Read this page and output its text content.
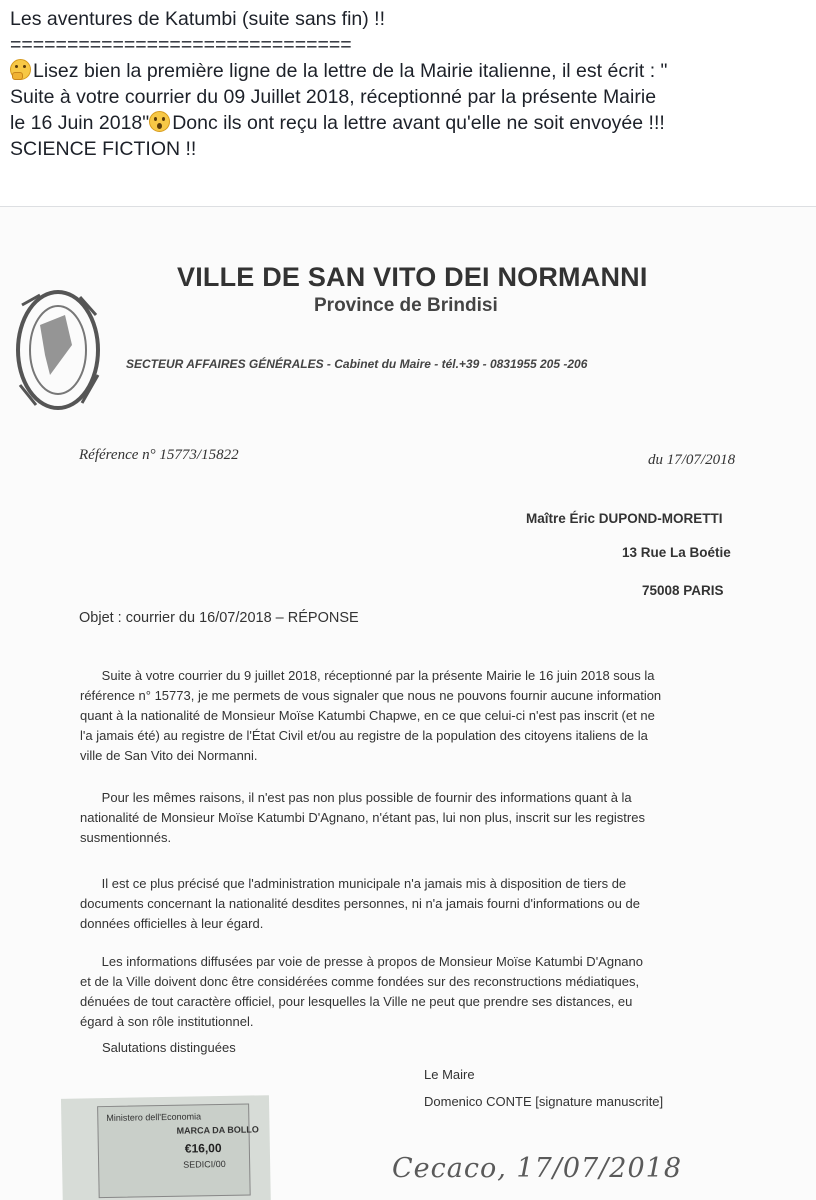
Les aventures de Katumbi (suite sans fin) !!

==============================

Lisez bien la première ligne de la lettre de la Mairie italienne, il est écrit : "

Suite à votre courrier du 09 Juillet 2018, réceptionné par la présente Mairie

le 16 Juin 2018" Donc ils ont reçu la lettre avant qu'elle ne soit envoyée !!!

SCIENCE FICTION !!

VILLE DE SAN VITO DEI NORMANNI
Province de Brindisi
SECTEUR AFFAIRES GÉNÉRALES - Cabinet du Maire - tél.+39 - 0831955 205 -206
Référence n° 15773/15822	du 17/07/2018
Maître Éric DUPOND-MORETTI
13 Rue La Boétie
75008 PARIS
Objet : courrier du 16/07/2018 – RÉPONSE
Suite à votre courrier du 9 juillet 2018, réceptionné par la présente Mairie le 16 juin 2018 sous la
référence n° 15773, je me permets de vous signaler que nous ne pouvons fournir aucune information
quant à la nationalité de Monsieur Moïse Katumbi Chapwe, en ce que celui-ci n'est pas inscrit (et ne
l'a jamais été) au registre de l'État Civil et/ou au registre de la population des citoyens italiens de la
ville de San Vito dei Normanni.
Pour les mêmes raisons, il n'est pas non plus possible de fournir des informations quant à la
nationalité de Monsieur Moïse Katumbi D'Agnano, n'étant pas, lui non plus, inscrit sur les registres
susmentionnés.
Il est ce plus précisé que l'administration municipale n'a jamais mis à disposition de tiers de
documents concernant la nationalité desdites personnes, ni n'a jamais fourni d'informations ou de
données officielles à leur égard.
Les informations diffusées par voie de presse à propos de Monsieur Moïse Katumbi D'Agnano
et de la Ville doivent donc être considérées comme fondées sur des reconstructions médiatiques,
dénuées de tout caractère officiel, pour lesquelles la Ville ne peut que prendre ses distances, eu
égard à son rôle institutionnel.
Salutations distinguées
Le Maire
Domenico CONTE [signature manuscrite]
Ministero dell'Economia
MARCA DA BOLLO
€16,00
SEDICI/00	Cecaco, 17/07/2018
